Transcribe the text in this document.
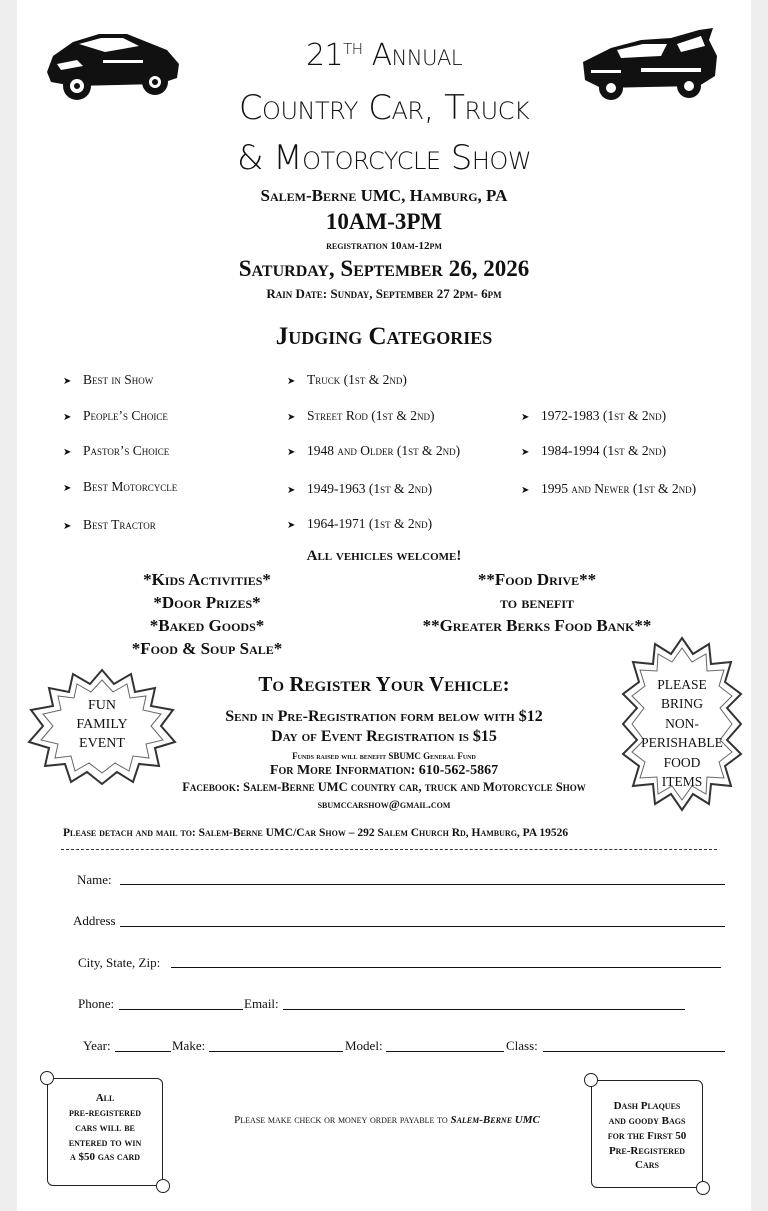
21TH Annual
Country Car, Truck
& Motorcycle Show
Salem-Berne UMC, Hamburg, PA
10AM-3PM
registration 10am-12pm
Saturday, September 26, 2026
Rain Date: Sunday, September 27 2pm- 6pm
Judging Categories
➤ Best in Show
➤ People’s Choice
➤ Pastor’s Choice
➤ Best Motorcycle
➤ Best Tractor
➤ Truck (1st & 2nd)
➤ Street Rod (1st & 2nd)
➤ 1948 and Older (1st & 2nd)
➤ 1949-1963 (1st & 2nd)
➤ 1964-1971 (1st & 2nd)
➤ 1972-1983 (1st & 2nd)
➤ 1984-1994 (1st & 2nd)
➤ 1995 and Newer (1st & 2nd)
All vehicles welcome!
*Kids Activities*
*Door Prizes*
*Baked Goods*
*Food & Soup Sale*
**Food Drive**
to benefit
**Greater Berks Food Bank**
FUN
FAMILY
EVENT
PLEASE
BRING
NON-
PERISHABLE
FOOD
ITEMS
To Register Your Vehicle:
Send in Pre-Registration form below with $12
Day of Event Registration is $15
Funds raised will benefit SBUMC General Fund
For More Information: 610-562-5867
Facebook: Salem-Berne UMC country car, truck and Motorcycle Show
sbumccarshow@gmail.com
Please detach and mail to: Salem-Berne UMC/Car Show – 292 Salem Church Rd, Hamburg, PA 19526
Name:
Address
City, State, Zip:
Phone:	Email:
Year:	Make:	Model:	Class:
All
pre-registered
cars will be
entered to win
a $50 gas card
Please make check or money order payable to Salem-Berne UMC
Dash Plaques
and goody Bags
for the First 50
Pre-Registered
Cars
